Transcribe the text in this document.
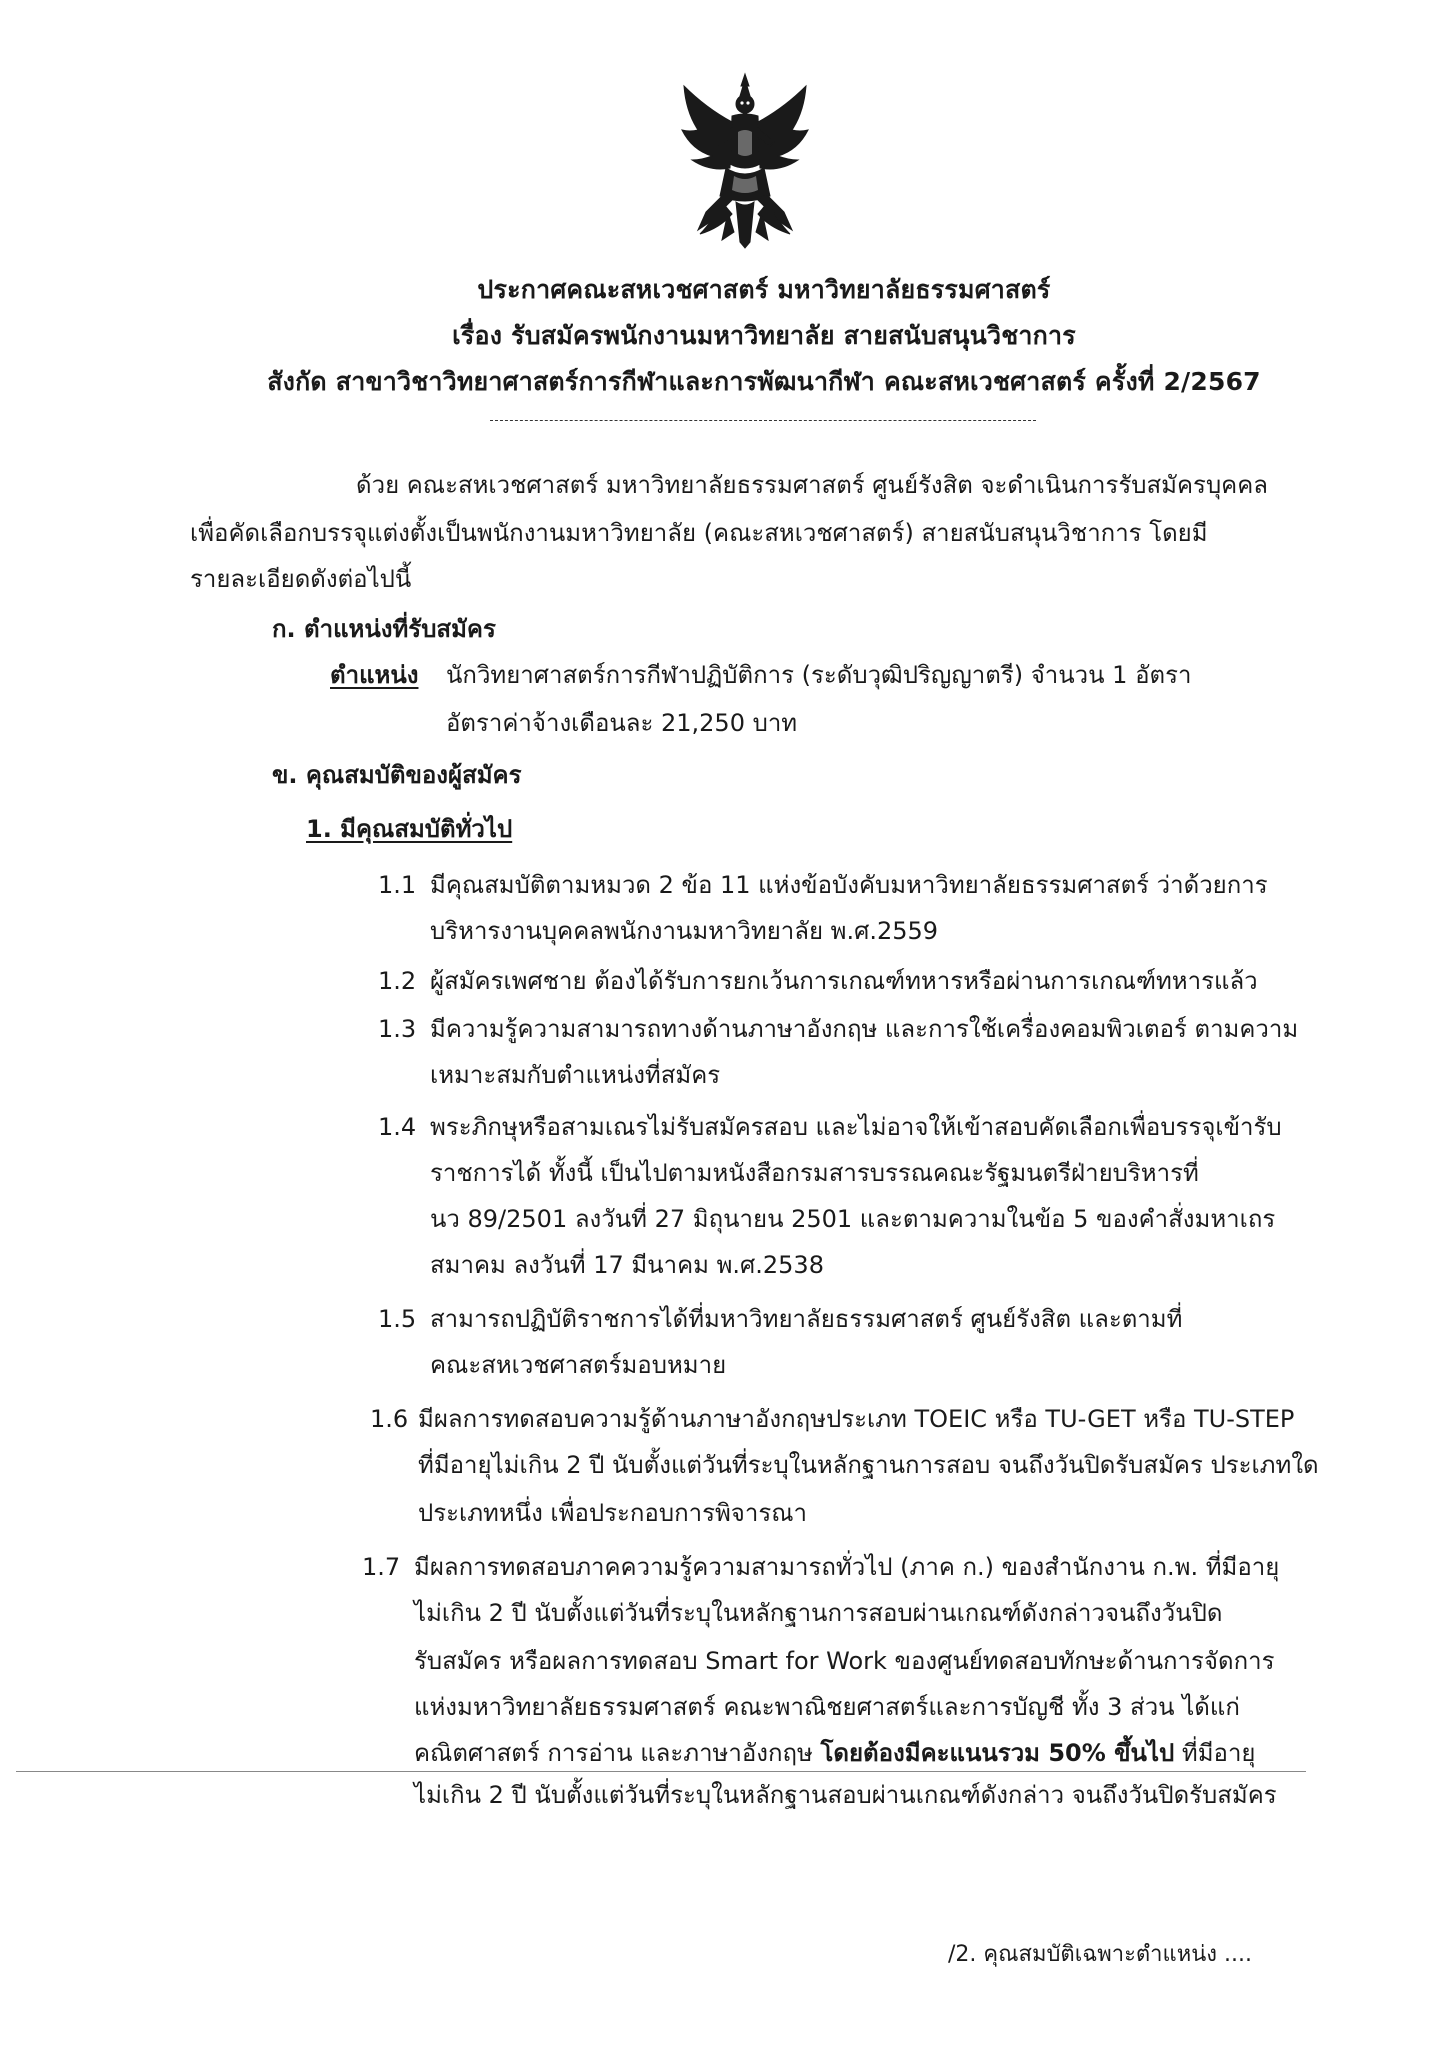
ประกาศคณะสหเวชศาสตร์ มหาวิทยาลัยธรรมศาสตร์
เรื่อง รับสมัครพนักงานมหาวิทยาลัย สายสนับสนุนวิชาการ
สังกัด สาขาวิชาวิทยาศาสตร์การกีฬาและการพัฒนากีฬา คณะสหเวชศาสตร์ ครั้งที่ 2/2567
ด้วย คณะสหเวชศาสตร์ มหาวิทยาลัยธรรมศาสตร์ ศูนย์รังสิต จะดำเนินการรับสมัครบุคคล
เพื่อคัดเลือกบรรจุแต่งตั้งเป็นพนักงานมหาวิทยาลัย (คณะสหเวชศาสตร์) สายสนับสนุนวิชาการ โดยมี
รายละเอียดดังต่อไปนี้
ก. ตำแหน่งที่รับสมัคร
ตำแหน่ง นักวิทยาศาสตร์การกีฬาปฏิบัติการ (ระดับวุฒิปริญญาตรี) จำนวน 1 อัตรา
อัตราค่าจ้างเดือนละ 21,250 บาท
ข. คุณสมบัติของผู้สมัคร
1. มีคุณสมบัติทั่วไป
1.1 มีคุณสมบัติตามหมวด 2 ข้อ 11 แห่งข้อบังคับมหาวิทยาลัยธรรมศาสตร์ ว่าด้วยการ
บริหารงานบุคคลพนักงานมหาวิทยาลัย พ.ศ.2559
1.2 ผู้สมัครเพศชาย ต้องได้รับการยกเว้นการเกณฑ์ทหารหรือผ่านการเกณฑ์ทหารแล้ว
1.3 มีความรู้ความสามารถทางด้านภาษาอังกฤษ และการใช้เครื่องคอมพิวเตอร์ ตามความ
เหมาะสมกับตำแหน่งที่สมัคร
1.4 พระภิกษุหรือสามเณรไม่รับสมัครสอบ และไม่อาจให้เข้าสอบคัดเลือกเพื่อบรรจุเข้ารับ
ราชการได้ ทั้งนี้ เป็นไปตามหนังสือกรมสารบรรณคณะรัฐมนตรีฝ่ายบริหารที่
นว 89/2501 ลงวันที่ 27 มิถุนายน 2501 และตามความในข้อ 5 ของคำสั่งมหาเถร
สมาคม ลงวันที่ 17 มีนาคม พ.ศ.2538
1.5 สามารถปฏิบัติราชการได้ที่มหาวิทยาลัยธรรมศาสตร์ ศูนย์รังสิต และตามที่
คณะสหเวชศาสตร์มอบหมาย
1.6 มีผลการทดสอบความรู้ด้านภาษาอังกฤษประเภท TOEIC หรือ TU-GET หรือ TU-STEP
ที่มีอายุไม่เกิน 2 ปี นับตั้งแต่วันที่ระบุในหลักฐานการสอบ จนถึงวันปิดรับสมัคร ประเภทใด
ประเภทหนึ่ง เพื่อประกอบการพิจารณา
1.7 มีผลการทดสอบภาคความรู้ความสามารถทั่วไป (ภาค ก.) ของสำนักงาน ก.พ. ที่มีอายุ
ไม่เกิน 2 ปี นับตั้งแต่วันที่ระบุในหลักฐานการสอบผ่านเกณฑ์ดังกล่าวจนถึงวันปิด
รับสมัคร หรือผลการทดสอบ Smart for Work ของศูนย์ทดสอบทักษะด้านการจัดการ
แห่งมหาวิทยาลัยธรรมศาสตร์ คณะพาณิชยศาสตร์และการบัญชี ทั้ง 3 ส่วน ได้แก่
คณิตศาสตร์ การอ่าน และภาษาอังกฤษ โดยต้องมีคะแนนรวม 50% ขึ้นไป ที่มีอายุ
ไม่เกิน 2 ปี นับตั้งแต่วันที่ระบุในหลักฐานสอบผ่านเกณฑ์ดังกล่าว จนถึงวันปิดรับสมัคร
/2. คุณสมบัติเฉพาะตำแหน่ง ....
